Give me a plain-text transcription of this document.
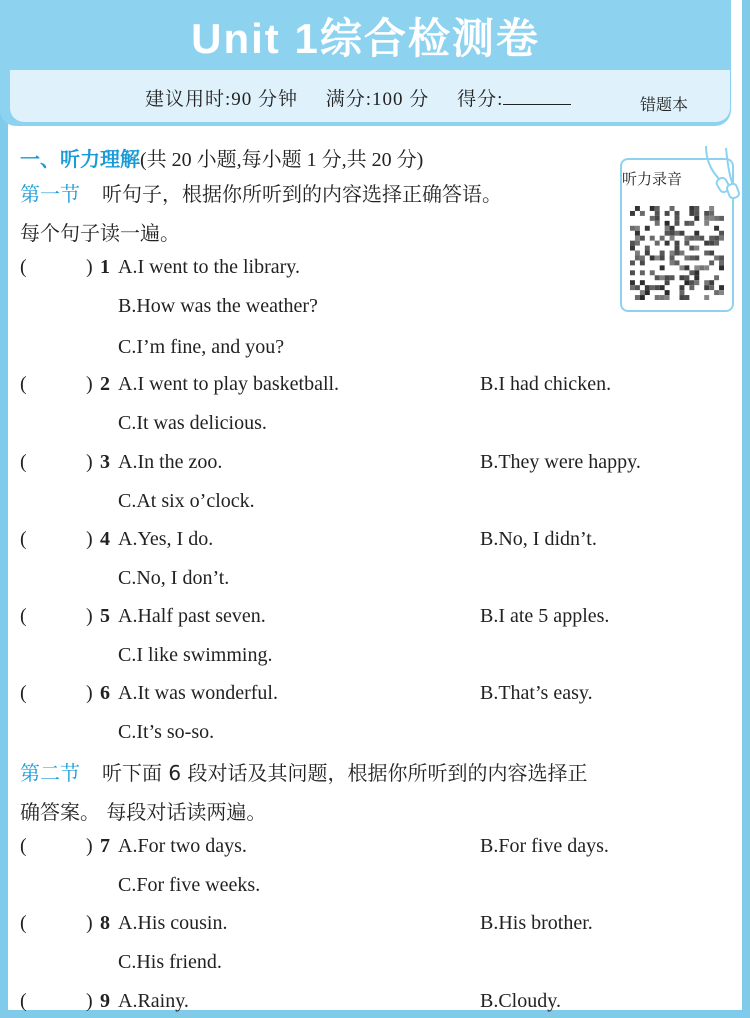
Unit 1综合检测卷
建议用时:90 分钟 满分:100 分 得分:	错题本
一、听力理解(共 20 小题,每小题 1 分,共 20 分)
第一节 听句子，根据你所听到的内容选择正确答语。
每个句子读一遍。
听力录音
(	) 1 A.I went to the library.
B.How was the weather?
C.I’m fine, and you?
(	) 2 A.I went to play basketball.	B.I had chicken.
C.It was delicious.
(	) 3 A.In the zoo.	B.They were happy.
C.At six o’clock.
(	) 4 A.Yes, I do.	B.No, I didn’t.
C.No, I don’t.
(	) 5 A.Half past seven.	B.I ate 5 apples.
C.I like swimming.
(	) 6 A.It was wonderful.	B.That’s easy.
C.It’s so-so.
(	) 7 A.For two days.	B.For five days.
C.For five weeks.
(	) 8 A.His cousin.	B.His brother.
C.His friend.
(	) 9 A.Rainy.	B.Cloudy.
第二节 听下面 6 段对话及其问题，根据你所听到的内容选择正
确答案。 每段对话读两遍。
